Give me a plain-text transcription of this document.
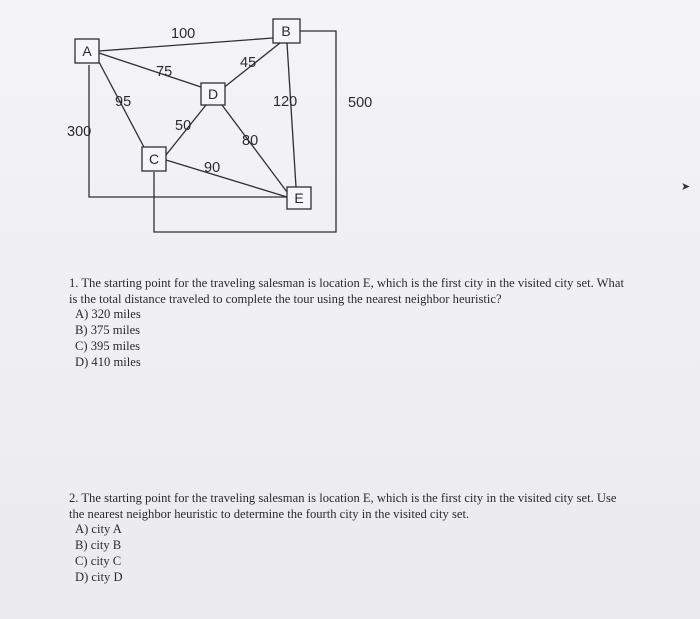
A
B
C
D
E
100
75
95
300
45
120	500
50
90
80

1. The starting point for the traveling salesman is location E, which is the first city in the visited city set. What is the total distance traveled to complete the tour using the nearest neighbor heuristic?

A) 320 miles
B) 375 miles
C) 395 miles
D) 410 miles

2. The starting point for the traveling salesman is location E, which is the first city in the visited city set. Use the nearest neighbor heuristic to determine the fourth city in the visited city set.

A) city A
B) city B
C) city C
D) city D
➤
